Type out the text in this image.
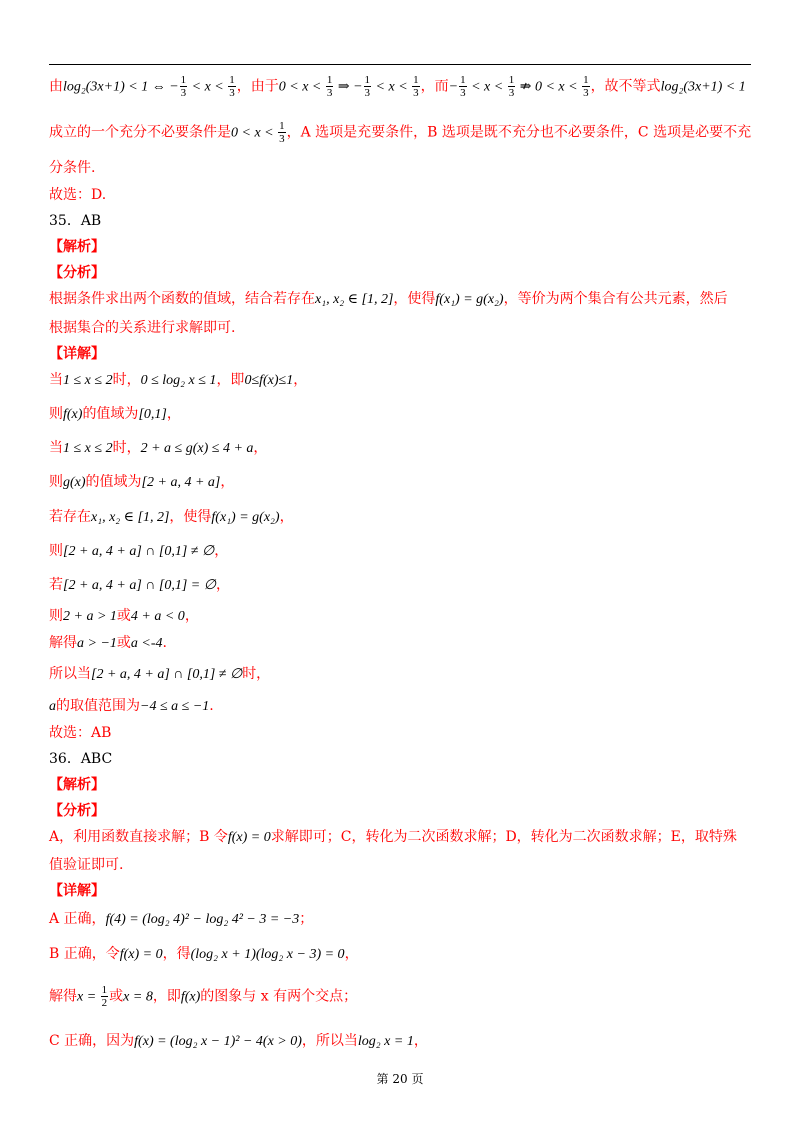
由log₂(3x+1) < 1 ⇔ − $\frac{1}{3} < x < \frac{1}{3}$ ，由于$0 < x < \frac{1}{3}$ ⇒ − $\frac{1}{3} < x < \frac{1}{3}$ ，而− $\frac{1}{3} < x < \frac{1}{3}$ ⇏ $0 < x < \frac{1}{3}$ ，故不等式log₂(3x+1) < 1
成立的一个充分不必要条件是$0 < x < \frac{1}{3}$ ，A 选项是充要条件，B 选项是既不充分也不必要条件，C 选项是必要不充
分条件.
故选：D.
35．AB
【解析】
【分析】
根据条件求出两个函数的值域，结合若存在x₁, x₂ ∈ [1, 2]，使得f(x₁) = g(x₂)，等价为两个集合有公共元素，然后
根据集合的关系进行求解即可.
【详解】
当1 ≤ x ≤ 2时，0 ≤ log₂ x ≤ 1，即0≤f(x)≤1，
则f(x)的值域为[0,1]，
当1 ≤ x ≤ 2时，2 + a ≤ g(x) ≤ 4 + a，
则g(x)的值域为[2 + a, 4 + a]，
若存在x₁, x₂ ∈ [1, 2]，使得f(x₁) = g(x₂)，
则[2 + a, 4 + a] ∩ [0,1] ≠ ∅，
若[2 + a, 4 + a] ∩ [0,1] = ∅，
则2 + a > 1或4 + a < 0，
解得a > −1或a <-4.
所以当[2 + a, 4 + a] ∩ [0,1] ≠ ∅时，
a的取值范围为−4 ≤ a ≤ −1.
故选：AB
36．ABC
【解析】
【分析】
A，利用函数直接求解；B 令f(x) = 0求解即可；C，转化为二次函数求解；D，转化为二次函数求解；E，取特殊
值验证即可.
【详解】
A 正确，f(4) = (log₂ 4)² − log₂ 4² − 3 = −3；
B 正确，令f(x) = 0，得(log₂ x + 1)(log₂ x − 3) = 0，
解得$x = \frac{1}{2}$ 或x = 8，即f(x)的图象与 x 有两个交点；
C 正确，因为f(x) = (log₂ x − 1)² − 4(x > 0)，所以当log₂ x = 1，
第 20 页
